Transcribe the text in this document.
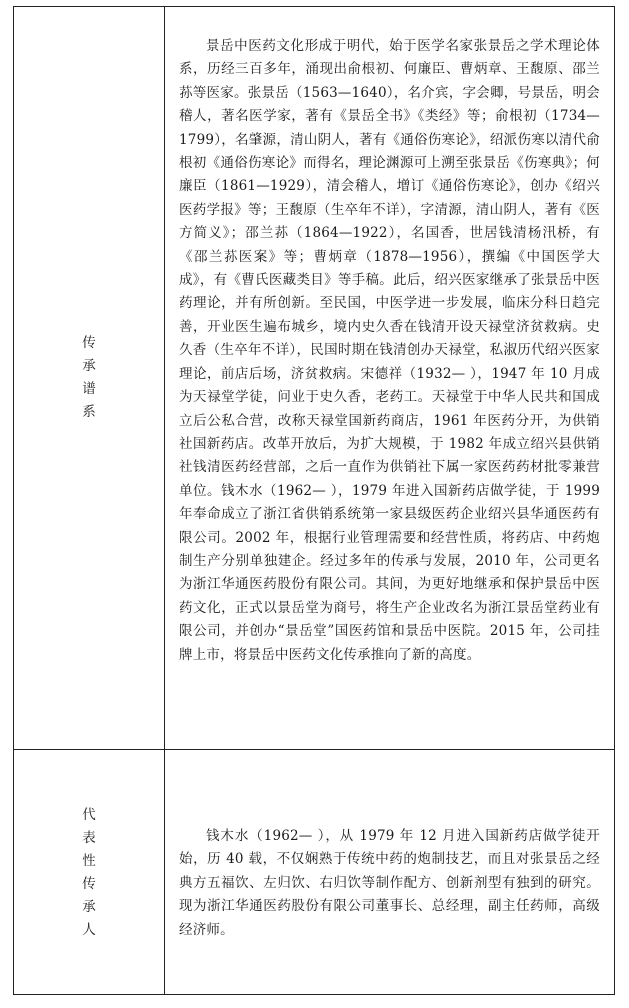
传承谱系

景岳中医药文化形成于明代，始于医学名家张景岳之学术理论体系，历经三百多年，涌现出俞根初、何廉臣、曹炳章、王馥原、邵兰荪等医家。张景岳（1563—1640），名介宾，字会卿，号景岳，明会稽人，著名医学家，著有《景岳全书》《类经》等；俞根初（1734—1799），名肇源，清山阴人，著有《通俗伤寒论》，绍派伤寒以清代俞根初《通俗伤寒论》而得名，理论渊源可上溯至张景岳《伤寒典》；何廉臣（1861—1929），清会稽人，增订《通俗伤寒论》，创办《绍兴医药学报》等；王馥原（生卒年不详），字清源，清山阴人，著有《医方简义》；邵兰荪（1864—1922），名国香，世居钱清杨汛桥，有《邵兰荪医案》等；曹炳章（1878—1956），撰编《中国医学大成》，有《曹氏医藏类目》等手稿。此后，绍兴医家继承了张景岳中医药理论，并有所创新。至民国，中医学进一步发展，临床分科日趋完善，开业医生遍布城乡，境内史久香在钱清开设天禄堂济贫救病。史久香（生卒年不详），民国时期在钱清创办天禄堂，私淑历代绍兴医家理论，前店后场，济贫救病。宋德祥（1932— ），1947 年 10 月成为天禄堂学徒，问业于史久香，老药工。天禄堂于中华人民共和国成立后公私合营，改称天禄堂国新药商店，1961 年医药分开，为供销社国新药店。改革开放后，为扩大规模，于 1982 年成立绍兴县供销社钱清医药经营部，之后一直作为供销社下属一家医药药材批零兼营单位。钱木水（1962— ），1979 年进入国新药店做学徒，于 1999 年奉命成立了浙江省供销系统第一家县级医药企业绍兴县华通医药有限公司。2002 年，根据行业管理需要和经营性质，将药店、中药炮制生产分别单独建企。经过多年的传承与发展，2010 年，公司更名为浙江华通医药股份有限公司。其间，为更好地继承和保护景岳中医药文化，正式以景岳堂为商号，将生产企业改名为浙江景岳堂药业有限公司，并创办“景岳堂”国医药馆和景岳中医院。2015 年，公司挂牌上市，将景岳中医药文化传承推向了新的高度。

代表性传承人

钱木水（1962— ），从 1979 年 12 月进入国新药店做学徒开始，历 40 载，不仅娴熟于传统中药的炮制技艺，而且对张景岳之经典方五福饮、左归饮、右归饮等制作配方、创新剂型有独到的研究。现为浙江华通医药股份有限公司董事长、总经理，副主任药师，高级经济师。
